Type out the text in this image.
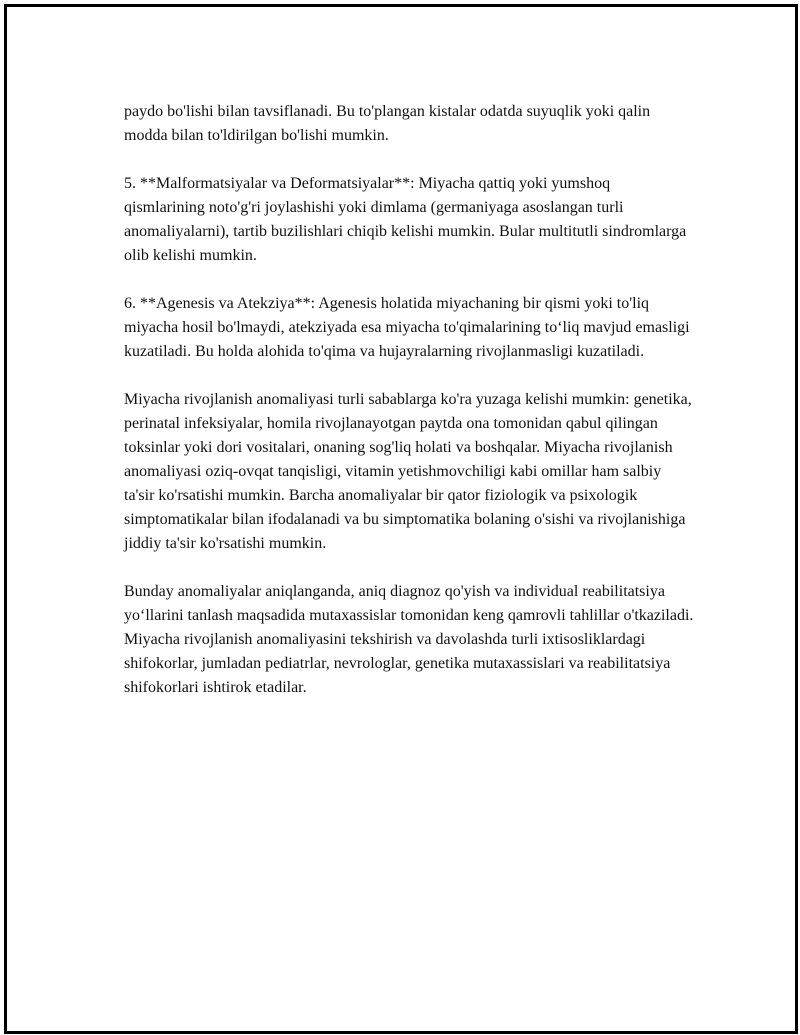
paydo bo'lishi bilan tavsiflanadi. Bu to'plangan kistalar odatda suyuqlik yoki qalin modda bilan to'ldirilgan bo'lishi mumkin.

5. **Malformatsiyalar va Deformatsiyalar**: Miyacha qattiq yoki yumshoq qismlarining noto'g'ri joylashishi yoki dimlama (germaniyaga asoslangan turli anomaliyalarni), tartib buzilishlari chiqib kelishi mumkin. Bular multitutli sindromlarga olib kelishi mumkin.

6. **Agenesis va Atekziya**: Agenesis holatida miyachaning bir qismi yoki to'liq miyacha hosil bo'lmaydi, atekziyada esa miyacha to'qimalarining to‘liq mavjud emasligi kuzatiladi. Bu holda alohida to'qima va hujayralarning rivojlanmasligi kuzatiladi.

Miyacha rivojlanish anomaliyasi turli sabablarga ko'ra yuzaga kelishi mumkin: genetika, perinatal infeksiyalar, homila rivojlanayotgan paytda ona tomonidan qabul qilingan toksinlar yoki dori vositalari, onaning sog'liq holati va boshqalar. Miyacha rivojlanish anomaliyasi oziq-ovqat tanqisligi, vitamin yetishmovchiligi kabi omillar ham salbiy ta'sir ko'rsatishi mumkin. Barcha anomaliyalar bir qator fiziologik va psixologik simptomatikalar bilan ifodalanadi va bu simptomatika bolaning o'sishi va rivojlanishiga jiddiy ta'sir ko'rsatishi mumkin.

Bunday anomaliyalar aniqlanganda, aniq diagnoz qo'yish va individual reabilitatsiya yo‘llarini tanlash maqsadida mutaxassislar tomonidan keng qamrovli tahlillar o'tkaziladi. Miyacha rivojlanish anomaliyasini tekshirish va davolashda turli ixtisosliklardagi shifokorlar, jumladan pediatrlar, nevrologlar, genetika mutaxassislari va reabilitatsiya shifokorlari ishtirok etadilar.
